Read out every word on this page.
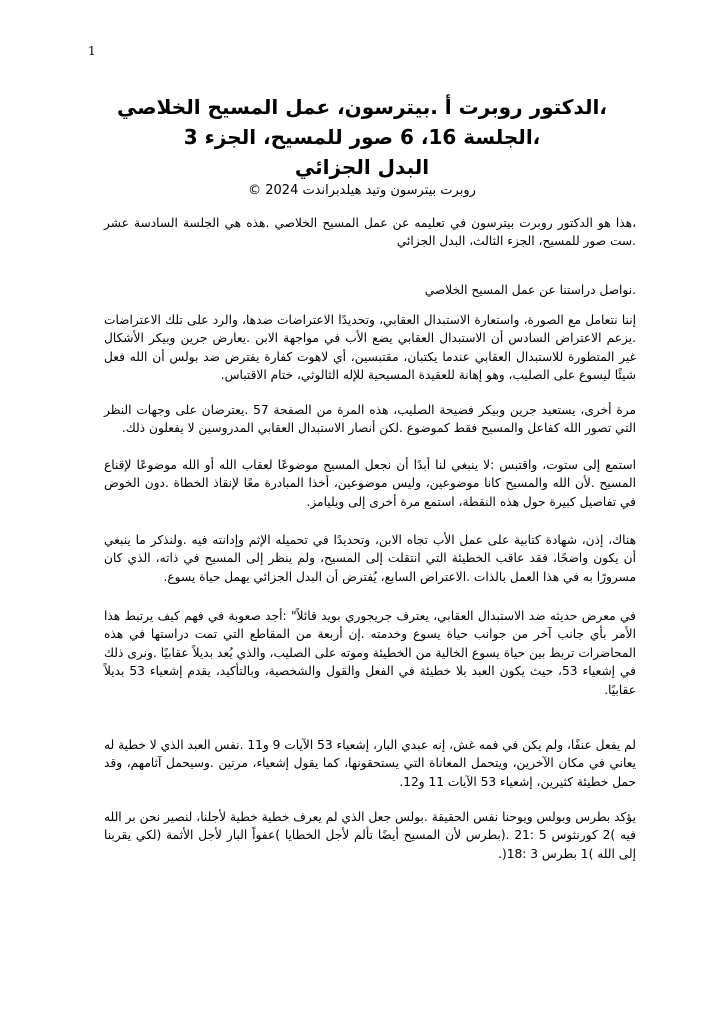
1
،الدكتور روبرت أ .بيترسون، عمل المسيح الخلاصي
،الجلسة 16، 6 صور للمسيح، الجزء 3
البدل الجزائي
روبرت بيترسون وتيد هيلدبراندت 2024 ©

،هذا هو الدكتور روبرت بيترسون في تعليمه عن عمل المسيح الخلاصي .هذه هي الجلسة السادسة عشر .ست صور للمسيح، الجزء الثالث، البدل الجزائي

.نواصل دراستنا عن عمل المسيح الخلاصي

إننا نتعامل مع الصورة، واستعارة الاستبدال العقابي، وتحديدًا الاعتراضات ضدها، والرد على تلك الاعتراضات .يزعم الاعتراض السادس أن الاستبدال العقابي يضع الأب في مواجهة الابن .يعارض جرين وبيكر الأشكال غير المتطورة للاستبدال العقابي عندما يكتبان، مقتبسين، أي لاهوت كفارة يفترض ضد بولس أن الله فعل شيئًا ليسوع على الصليب، وهو إهانة للعقيدة المسيحية للإله الثالوثي، ختام الاقتباس.

مرة أخرى، يستعيد جرين وبيكر فضيحة الصليب، هذه المرة من الصفحة 57 .يعترضان على وجهات النظر التي تصور الله كفاعل والمسيح فقط كموضوع .لكن أنصار الاستبدال العقابي المدروسين لا يفعلون ذلك.

استمع إلى ستوت، واقتبس :لا ينبغي لنا أبدًا أن نجعل المسيح موضوعًا لعقاب الله أو الله موضوعًا لإقناع المسيح .لأن الله والمسيح كانا موضوعين، وليس موضوعين، أخذا المبادرة معًا لإنقاذ الخطاة .دون الخوض في تفاصيل كبيرة حول هذه النقطة، استمع مرة أخرى إلى ويليامز.

هناك، إذن، شهادة كتابية على عمل الأب تجاه الابن، وتحديدًا في تحميله الإثم وإدانته فيه .ولنذكر ما ينبغي أن يكون واضحًا، فقد عاقب الخطيئة التي انتقلت إلى المسيح، ولم ينظر إلى المسيح في ذاته، الذي كان مسرورًا به في هذا العمل بالذات .الاعتراض السابع، يُفترض أن البدل الجزائي يهمل حياة يسوع.

في معرض حديثه ضد الاستبدال العقابي، يعترف جريجوري بويد قائلاً" :أجد صعوبة في فهم كيف يرتبط هذا الأمر بأي جانب آخر من جوانب حياة يسوع وخدمته .إن أربعة من المقاطع التي تمت دراستها في هذه المحاضرات تربط بين حياة يسوع الخالية من الخطيئة وموته على الصليب، والذي يُعد بديلاً عقابيًا .ونرى ذلك في إشعياء 53، حيث يكون العبد بلا خطيئة في الفعل والقول والشخصية، وبالتأكيد، يقدم إشعياء 53 بديلاً عقابيًا.

لم يفعل عنفًا، ولم يكن في فمه غش، إنه عبدي البار، إشعياء 53 الآيات 9 و11 .نفس العبد الذي لا خطية له يعاني في مكان الآخرين، ويتحمل المعاناة التي يستحقونها، كما يقول إشعياء، مرتين .وسيحمل آثامهم، وقد حمل خطيئة كثيرين، إشعياء 53 الآيات 11 و12.

يؤكد بطرس وبولس ويوحنا نفس الحقيقة .بولس جعل الذي لم يعرف خطية خطية لأجلنا، لنصير نحن بر الله فيه )2 كورنثوس 5 :21 .(بطرس لأن المسيح أيضًا تألم لأجل الخطايا )عفواً البار لأجل الأثمة (لكي يقربنا إلى الله )1 بطرس 3 :18(.
